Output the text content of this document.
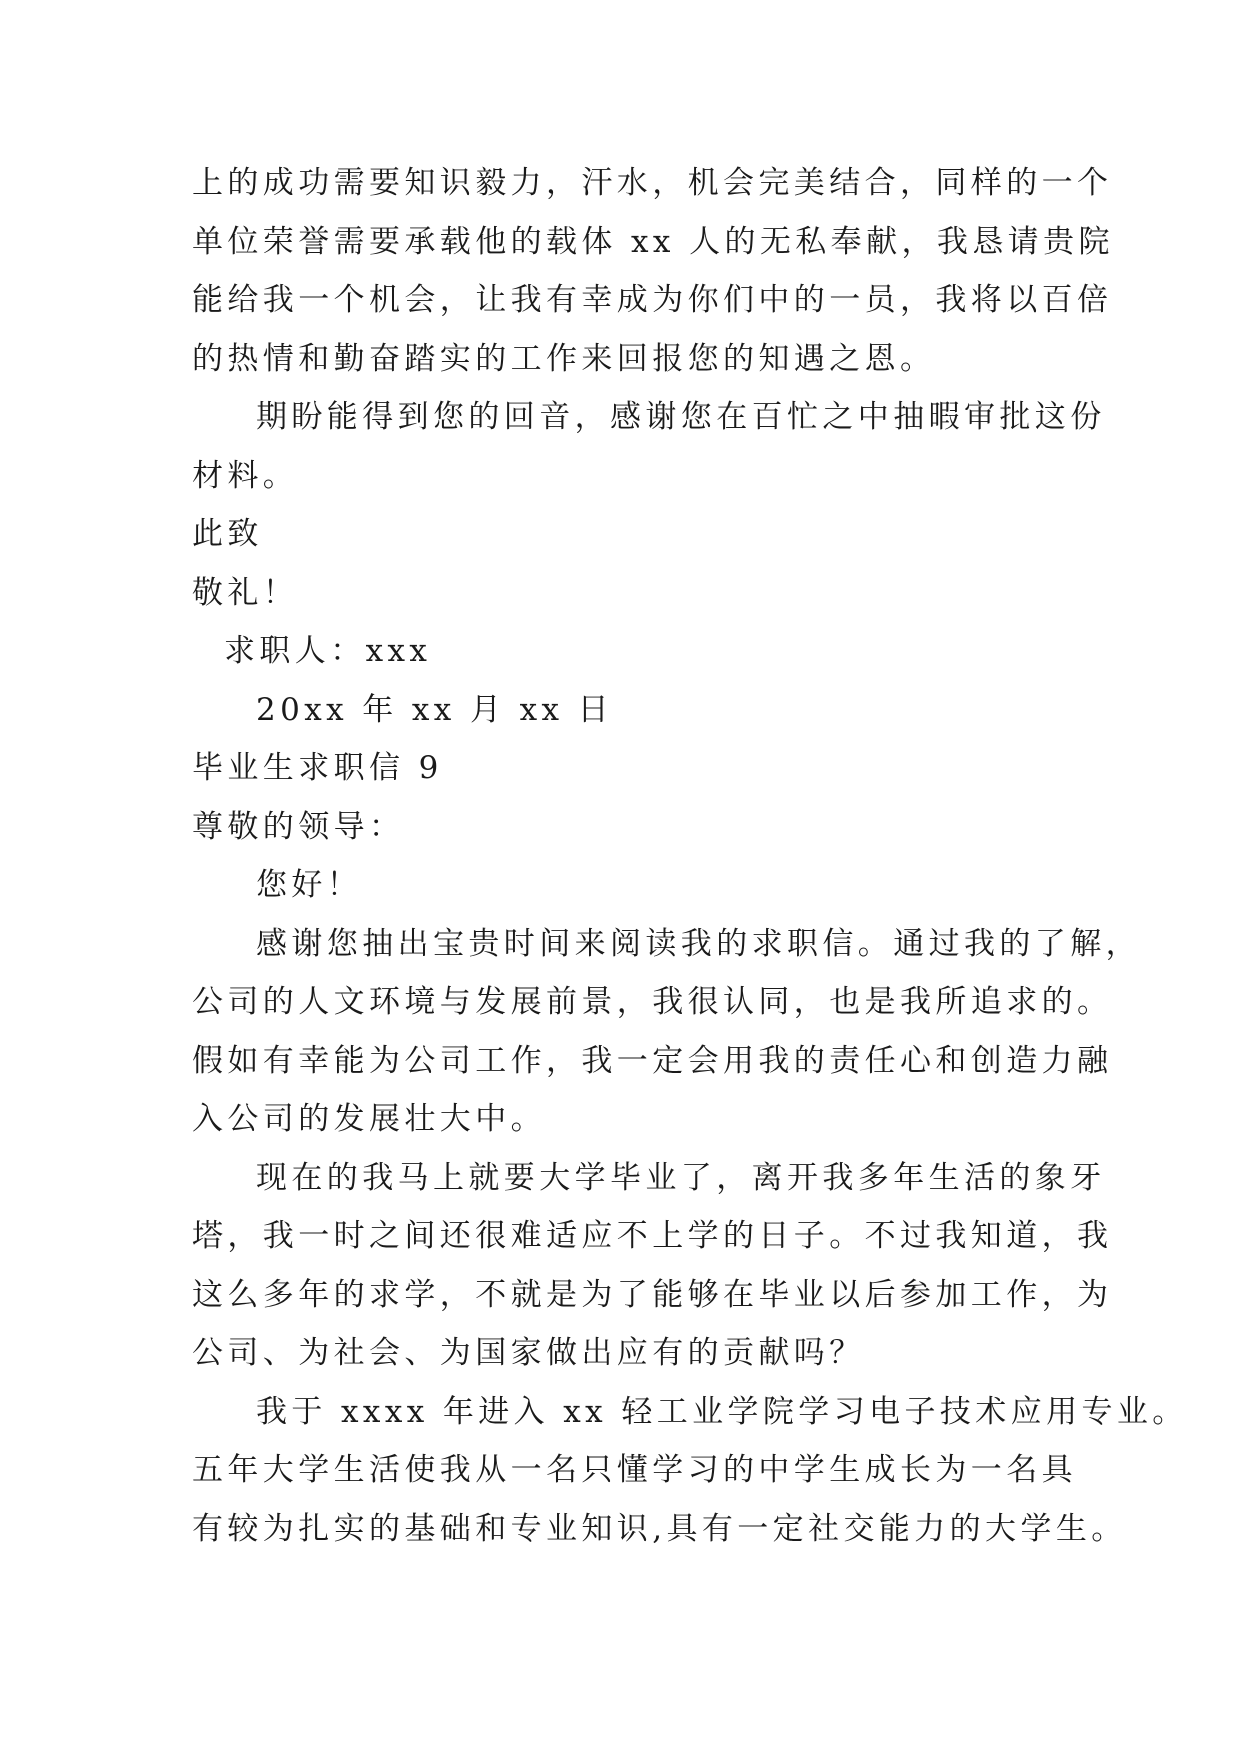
上的成功需要知识毅力，汗水，机会完美结合，同样的一个

单位荣誉需要承载他的载体 xx 人的无私奉献，我恳请贵院

能给我一个机会，让我有幸成为你们中的一员，我将以百倍

的热情和勤奋踏实的工作来回报您的知遇之恩。

期盼能得到您的回音，感谢您在百忙之中抽暇审批这份

材料。

此致

敬礼！

求职人：xxx

20xx 年 xx 月 xx 日

毕业生求职信 9

尊敬的领导：

您好！

感谢您抽出宝贵时间来阅读我的求职信。通过我的了解，

公司的人文环境与发展前景，我很认同，也是我所追求的。

假如有幸能为公司工作，我一定会用我的责任心和创造力融

入公司的发展壮大中。

现在的我马上就要大学毕业了，离开我多年生活的象牙

塔，我一时之间还很难适应不上学的日子。不过我知道，我

这么多年的求学，不就是为了能够在毕业以后参加工作，为

公司、为社会、为国家做出应有的贡献吗？

我于 xxxx 年进入 xx 轻工业学院学习电子技术应用专业。

五年大学生活使我从一名只懂学习的中学生成长为一名具

有较为扎实的基础和专业知识,具有一定社交能力的大学生。
